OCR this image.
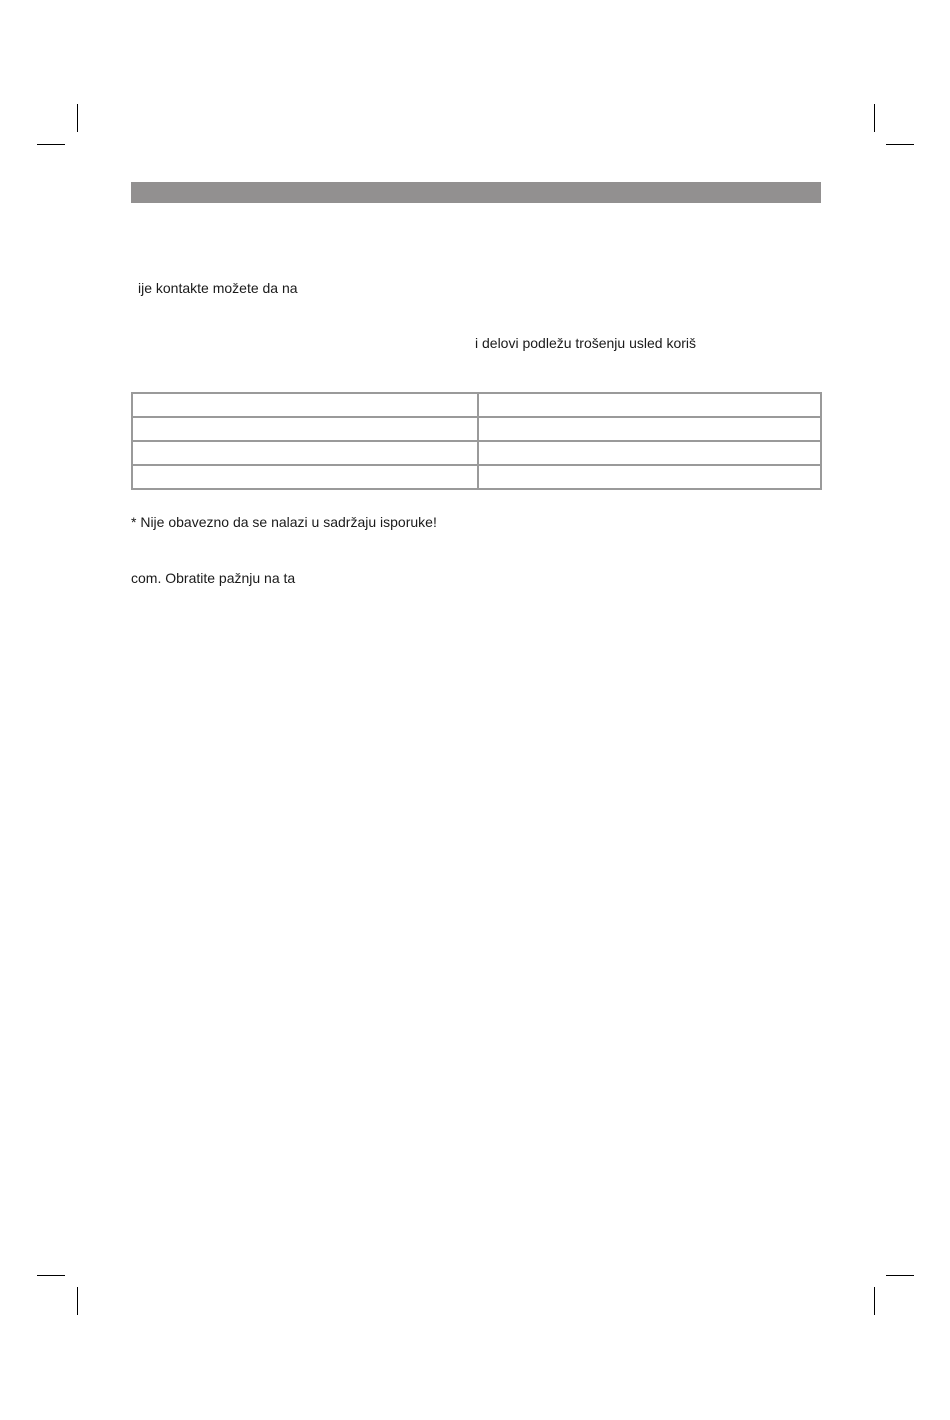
ije kontakte možete da na
i delovi podležu trošenju usled koriš

* Nije obavezno da se nalazi u sadržaju isporuke!
com. Obratite pažnju na ta
